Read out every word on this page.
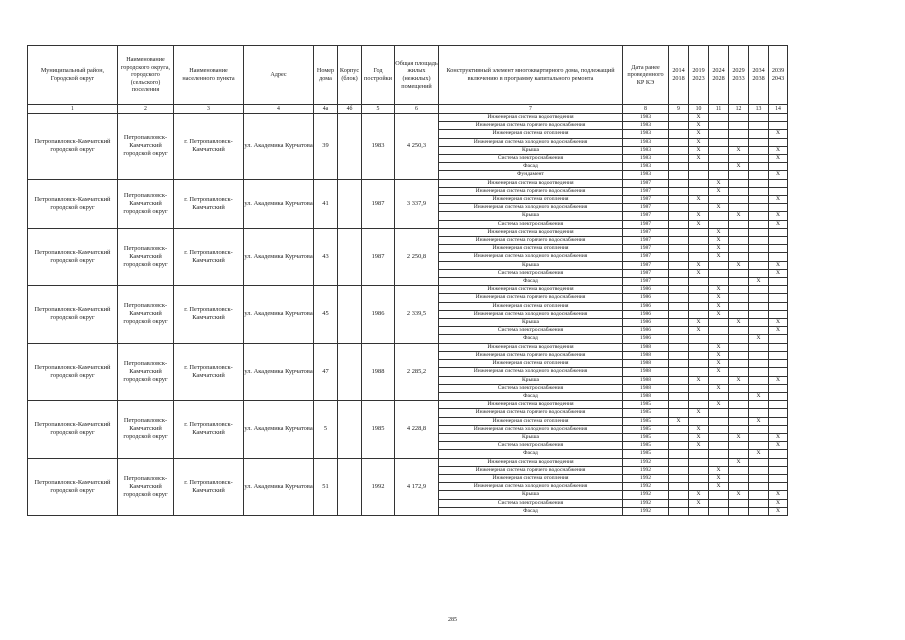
Муниципальный район, Городской округ	Наименование городского округа, городского (сельского) поселения	Наименование населенного пункта	Адрес	Номер дома	Корпус (блок)	Год постройки	Общая площадь жилых (нежилых) помещений	Конструктивный элемент многоквартирного дома, подлежащий включению в программу капитального ремонта	Дата ранее проведенного КР КЭ	2014 2018	2019 2023	2024 2028	2029 2033	2034 2038	2039 2043
1	2	3	4	4а	4б	5	6	7	8	9	10	11	12	13	14
Петропавловск-Камчатский городской округ	Петропавловск-Камчатский городской округ	г. Петропавловск-Камчатский	ул. Академика Курчатова	39		1983	4 250,3	Инженерная система водоотведения	1983		X				
								Инженерная система горячего водоснабжения	1983		X				
								Инженерная система отопления	1983		X				X
								Инженерная система холодного водоснабжения	1983		X				
								Крыша	1983		X		X		X
								Система электроснабжения	1983		X				X
								Фасад	1983				X		
								Фундамент	1983						X
Петропавловск-Камчатский городской округ	Петропавловск-Камчатский городской округ	г. Петропавловск-Камчатский	ул. Академика Курчатова	41		1987	3 337,9	Инженерная система водоотведения	1987			X			
								Инженерная система горячего водоснабжения	1987			X			
								Инженерная система отопления	1987		X				X
								Инженерная система холодного водоснабжения	1987			X			
								Крыша	1987		X		X		X
								Система электроснабжения	1987		X				X
Петропавловск-Камчатский городской округ	Петропавловск-Камчатский городской округ	г. Петропавловск-Камчатский	ул. Академика Курчатова	43		1987	2 250,8	Инженерная система водоотведения	1987			X			
								Инженерная система горячего водоснабжения	1987			X			
								Инженерная система отопления	1987			X			
								Инженерная система холодного водоснабжения	1987			X			
								Крыша	1987		X		X		X
								Система электроснабжения	1987		X				X
								Фасад	1987					X	
Петропавловск-Камчатский городской округ	Петропавловск-Камчатский городской округ	г. Петропавловск-Камчатский	ул. Академика Курчатова	45		1986	2 339,5	Инженерная система водоотведения	1986			X			
								Инженерная система горячего водоснабжения	1986			X			
								Инженерная система отопления	1986			X			
								Инженерная система холодного водоснабжения	1986			X			
								Крыша	1986		X		X		X
								Система электроснабжения	1986		X				X
								Фасад	1986					X	
Петропавловск-Камчатский городской округ	Петропавловск-Камчатский городской округ	г. Петропавловск-Камчатский	ул. Академика Курчатова	47		1988	2 285,2	Инженерная система водоотведения	1988			X			
								Инженерная система горячего водоснабжения	1988			X			
								Инженерная система отопления	1988			X			
								Инженерная система холодного водоснабжения	1988			X			
								Крыша	1988		X		X		X
								Система электроснабжения	1988			X			
								Фасад	1988					X	
Петропавловск-Камчатский городской округ	Петропавловск-Камчатский городской округ	г. Петропавловск-Камчатский	ул. Академика Курчатова	5		1985	4 228,8	Инженерная система водоотведения	1985			X			
								Инженерная система горячего водоснабжения	1985		X				
								Инженерная система отопления	1985	X				X	
								Инженерная система холодного водоснабжения	1985		X				
								Крыша	1985		X		X		X
								Система электроснабжения	1985		X				X
								Фасад	1985					X	
Петропавловск-Камчатский городской округ	Петропавловск-Камчатский городской округ	г. Петропавловск-Камчатский	ул. Академика Курчатова	51		1992	4 172,9	Инженерная система водоотведения	1992				X		
								Инженерная система горячего водоснабжения	1992			X			
								Инженерная система отопления	1992			X			
								Инженерная система холодного водоснабжения	1992			X			
								Крыша	1992		X		X		X
								Система электроснабжения	1992		X				X
								Фасад	1992						X
285
